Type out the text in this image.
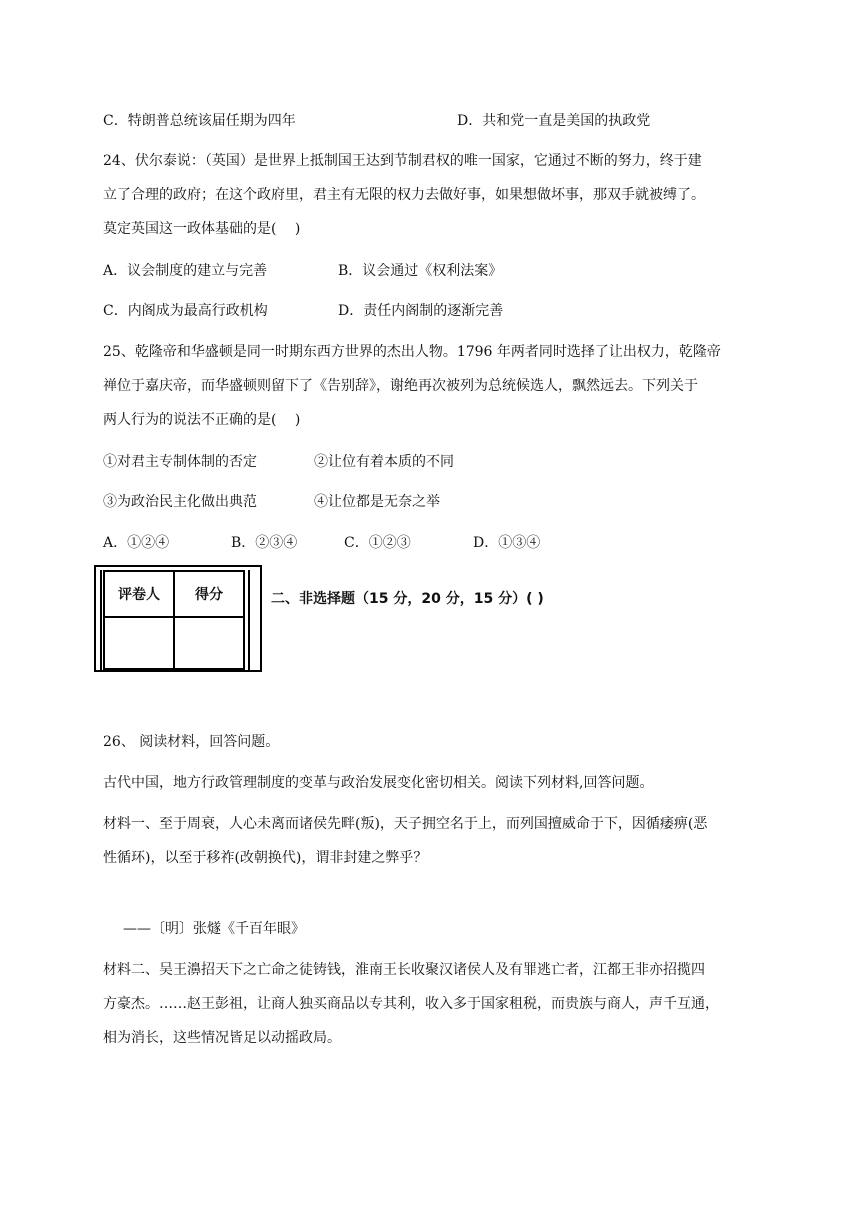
C．特朗普总统该届任期为四年	D．共和党一直是美国的执政党
24、伏尔泰说：（英国）是世界上抵制国王达到节制君权的唯一国家，它通过不断的努力，终于建
立了合理的政府；在这个政府里，君主有无限的权力去做好事，如果想做坏事，那双手就被缚了。
莫定英国这一政体基础的是(　 )
A．议会制度的建立与完善	B．议会通过《权利法案》
C．内阁成为最高行政机构	D．责任内阁制的逐渐完善
25、乾隆帝和华盛顿是同一时期东西方世界的杰出人物。1796 年两者同时选择了让出权力，乾隆帝
禅位于嘉庆帝，而华盛顿则留下了《告别辞》，谢绝再次被列为总统候选人，飘然远去。下列关于
两人行为的说法不正确的是(　 )
①对君主专制体制的否定	②让位有着本质的不同
③为政治民主化做出典范	④让位都是无奈之举
A．①②④	B．②③④	C．①②③	D．①③④
评卷人	得分
		二、非选择题（15 分，20 分，15 分）( )
26、 阅读材料，回答问题。
古代中国，地方行政管理制度的变革与政治发展变化密切相关。阅读下列材料,回答问题。
材料一、至于周衰，人心未离而诸侯先畔(叛)，天子拥空名于上，而列国擅威命于下，因循痿痹(恶
性循环)，以至于移祚(改朝换代)，谓非封建之弊乎？
——〔明〕张燧《千百年眼》
材料二、吴王濞招天下之亡命之徒铸钱，淮南王长收聚汉诸侯人及有罪逃亡者，江都王非亦招揽四
方豪杰。……赵王彭祖，让商人独买商品以专其利，收入多于国家租税，而贵族与商人，声千互通，
相为消长，这些情况皆足以动摇政局。
